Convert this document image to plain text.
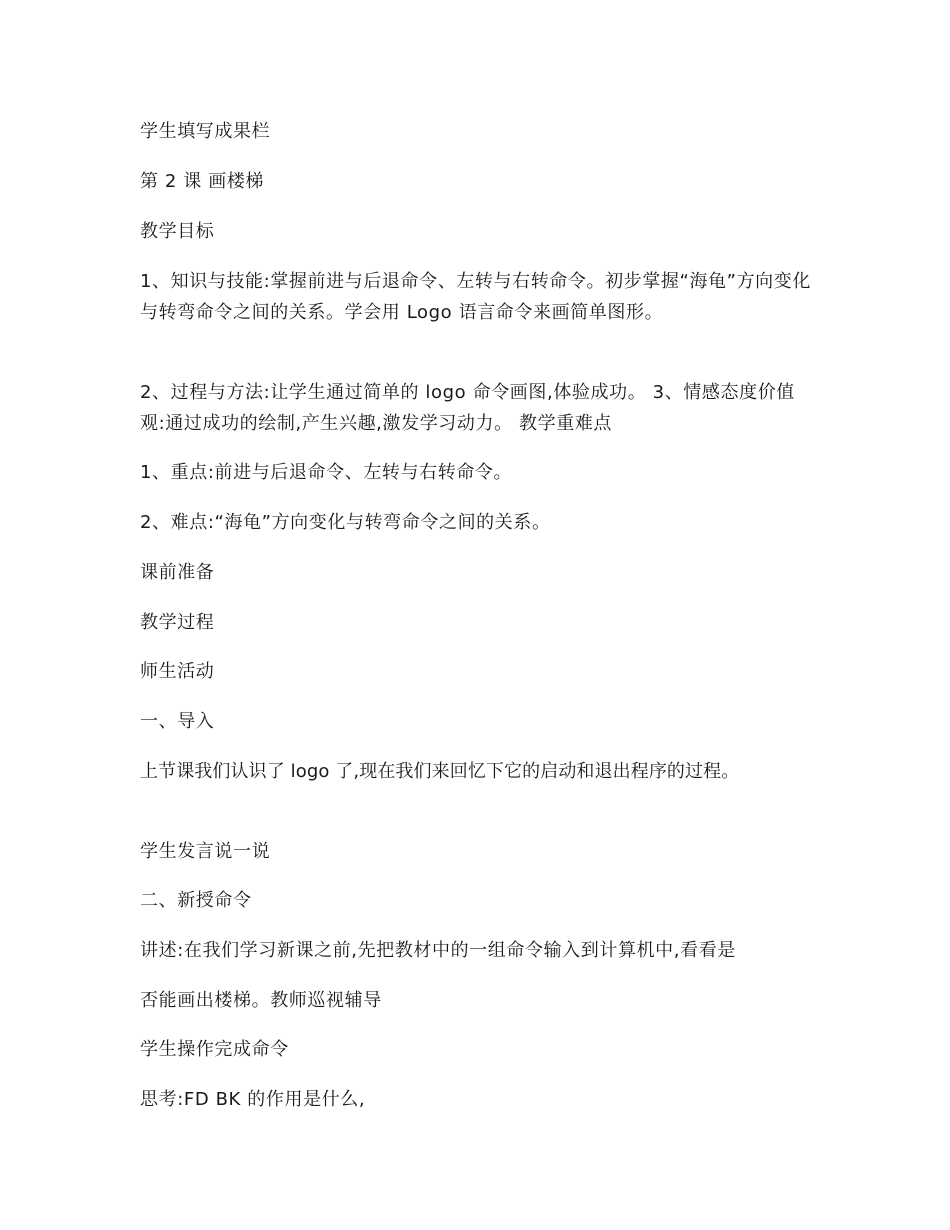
学生填写成果栏
第 2 课 画楼梯
教学目标
1、知识与技能:掌握前进与后退命令、左转与右转命令。初步掌握“海龟”方向变化与转弯命令之间的关系。学会用 Logo 语言命令来画简单图形。
2、过程与方法:让学生通过简单的 logo 命令画图,体验成功。 3、情感态度价值观:通过成功的绘制,产生兴趣,激发学习动力。 教学重难点
1、重点:前进与后退命令、左转与右转命令。
2、难点:“海龟”方向变化与转弯命令之间的关系。
课前准备
教学过程
师生活动
一、导入
上节课我们认识了 logo 了,现在我们来回忆下它的启动和退出程序的过程。
学生发言说一说
二、新授命令
讲述:在我们学习新课之前,先把教材中的一组命令输入到计算机中,看看是
否能画出楼梯。教师巡视辅导
学生操作完成命令
思考:FD BK 的作用是什么,
